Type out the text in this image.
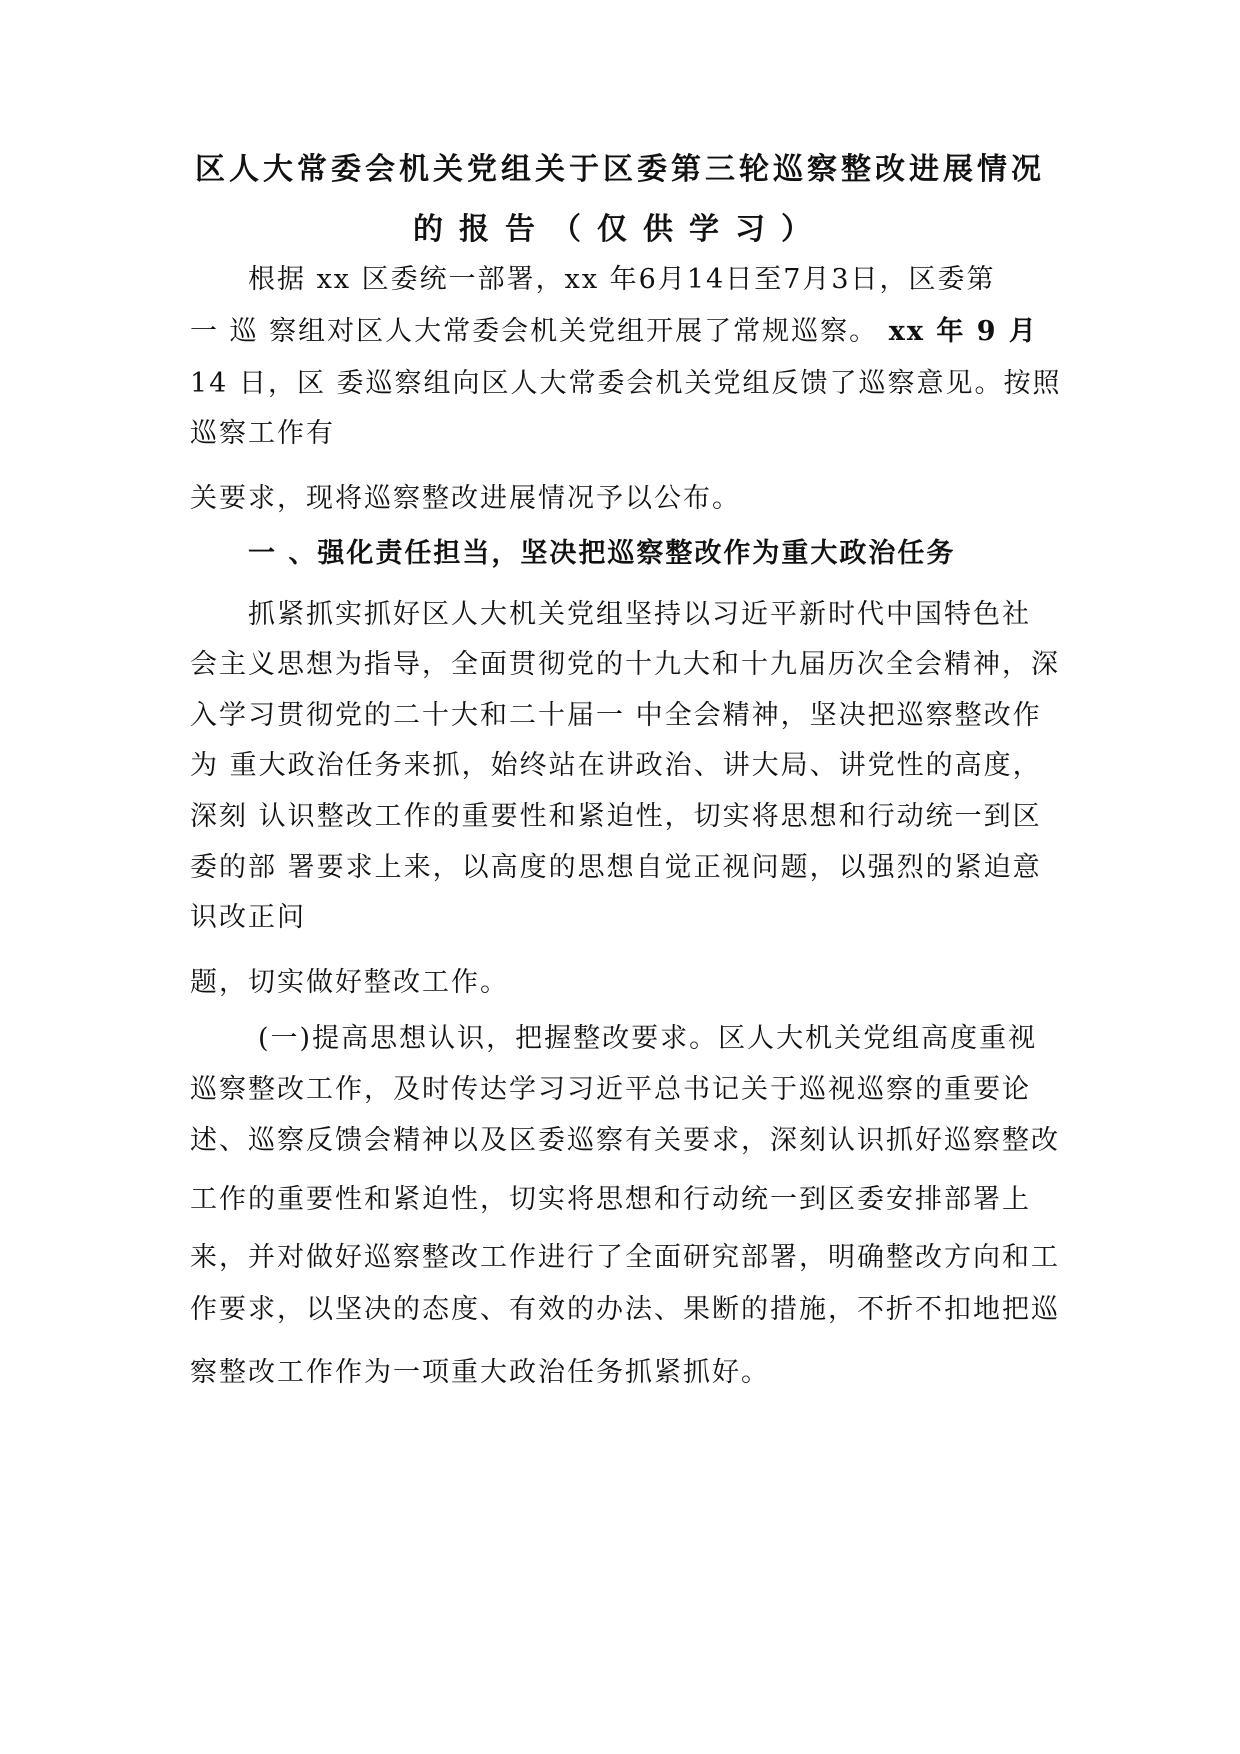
区人大常委会机关党组关于区委第三轮巡察整改进展情况
的报告（仅供学习）

根据 xx 区委统一部署，xx 年6月14日至7月3日，区委第

一 巡 察组对区人大常委会机关党组开展了常规巡察。 xx 年 9 月

14 日，区 委巡察组向区人大常委会机关党组反馈了巡察意见。按照

巡察工作有

关要求，现将巡察整改进展情况予以公布。

一 、强化责任担当，坚决把巡察整改作为重大政治任务

抓紧抓实抓好区人大机关党组坚持以习近平新时代中国特色社

会主义思想为指导，全面贯彻党的十九大和十九届历次全会精神，深

入学习贯彻党的二十大和二十届一 中全会精神，坚决把巡察整改作

为 重大政治任务来抓，始终站在讲政治、讲大局、讲党性的高度，

深刻 认识整改工作的重要性和紧迫性，切实将思想和行动统一到区

委的部 署要求上来，以高度的思想自觉正视问题，以强烈的紧迫意

识改正问

题，切实做好整改工作。

(一)提高思想认识，把握整改要求。区人大机关党组高度重视

巡察整改工作，及时传达学习习近平总书记关于巡视巡察的重要论

述、巡察反馈会精神以及区委巡察有关要求，深刻认识抓好巡察整改

工作的重要性和紧迫性，切实将思想和行动统一到区委安排部署上

来，并对做好巡察整改工作进行了全面研究部署，明确整改方向和工

作要求，以坚决的态度、有效的办法、果断的措施，不折不扣地把巡

察整改工作作为一项重大政治任务抓紧抓好。
